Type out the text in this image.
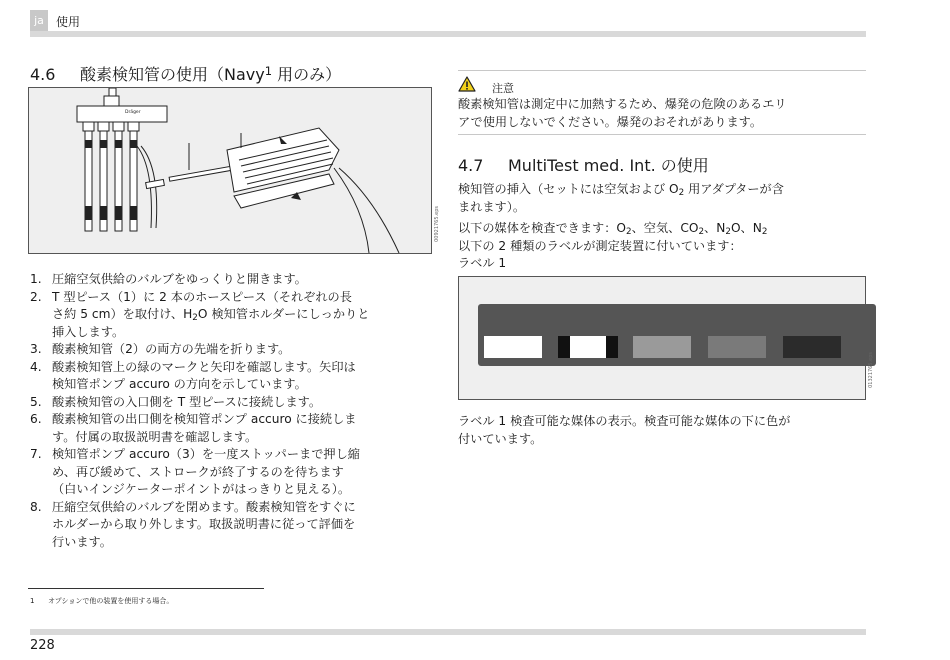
ja	使用
4.6 酸素検知管の使用（Navy$^1$ 用のみ）
Dräger
00921765.eps
1. 圧縮空気供給のバルブをゆっくりと開きます。
2. T 型ピース（1）に 2 本のホースピース（それぞれの長
さ約 5 cm）を取付け、$H_2O$ 検知管ホルダーにしっかりと
挿入します。
3. 酸素検知管（2）の両方の先端を折ります。
4. 酸素検知管上の緑のマークと矢印を確認します。矢印は
検知管ポンプ accuro の方向を示しています。
5. 酸素検知管の入口側を T 型ピースに接続します。
6. 酸素検知管の出口側を検知管ポンプ accuro に接続しま
す。付属の取扱説明書を確認します。
7. 検知管ポンプ accuro（3）を一度ストッパーまで押し縮
め、再び緩めて、ストロークが終了するのを待ちます
（白いインジケーターポイントがはっきりと見える）。
8. 圧縮空気供給のバルブを閉めます。酸素検知管をすぐに
ホルダーから取り外します。取扱説明書に従って評価を
行います。
1 オプションで他の装置を使用する場合。
228
注意
酸素検知管は測定中に加熱するため、爆発の危険のあるエリ
アで使用しないでください。爆発のおそれがあります。
4.7 MultiTest med. Int. の使用
検知管の挿入（セットには空気および $O_2$ 用アダプターが含
まれます）。
以下の媒体を検査できます：$O_2$、空気、$CO_2$、$N_2O$、$N_2$
以下の 2 種類のラベルが測定装置に付いています：
ラベル 1
01321765.eps
ラベル 1 検査可能な媒体の表示。検査可能な媒体の下に色が
付いています。
